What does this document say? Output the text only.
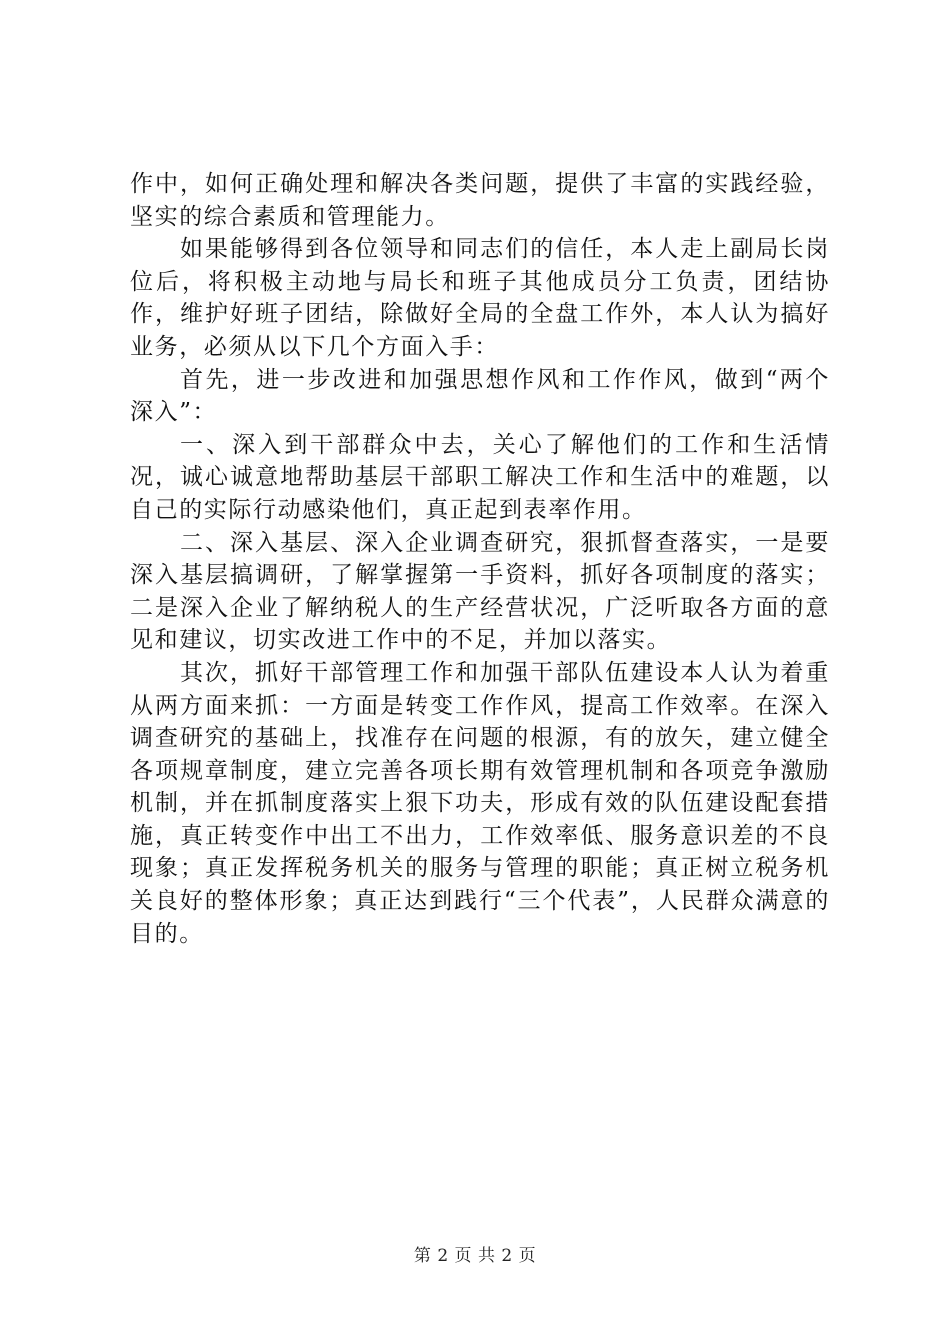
作中，如何正确处理和解决各类问题，提供了丰富的实践经验，坚实的综合素质和管理能力。

如果能够得到各位领导和同志们的信任，本人走上副局长岗位后，将积极主动地与局长和班子其他成员分工负责，团结协作，维护好班子团结，除做好全局的全盘工作外，本人认为搞好业务，必须从以下几个方面入手：

首先，进一步改进和加强思想作风和工作作风，做到“两个深入”：

一、深入到干部群众中去，关心了解他们的工作和生活情况，诚心诚意地帮助基层干部职工解决工作和生活中的难题，以自己的实际行动感染他们，真正起到表率作用。

二、深入基层、深入企业调查研究，狠抓督查落实，一是要深入基层搞调研，了解掌握第一手资料，抓好各项制度的落实；二是深入企业了解纳税人的生产经营状况，广泛听取各方面的意见和建议，切实改进工作中的不足，并加以落实。

其次，抓好干部管理工作和加强干部队伍建设本人认为着重从两方面来抓：一方面是转变工作作风，提高工作效率。在深入调查研究的基础上，找准存在问题的根源，有的放矢，建立健全各项规章制度，建立完善各项长期有效管理机制和各项竞争激励机制，并在抓制度落实上狠下功夫，形成有效的队伍建设配套措施，真正转变作中出工不出力，工作效率低、服务意识差的不良现象；真正发挥税务机关的服务与管理的职能；真正树立税务机关良好的整体形象；真正达到践行“三个代表”，人民群众满意的目的。

第 2 页 共 2 页
